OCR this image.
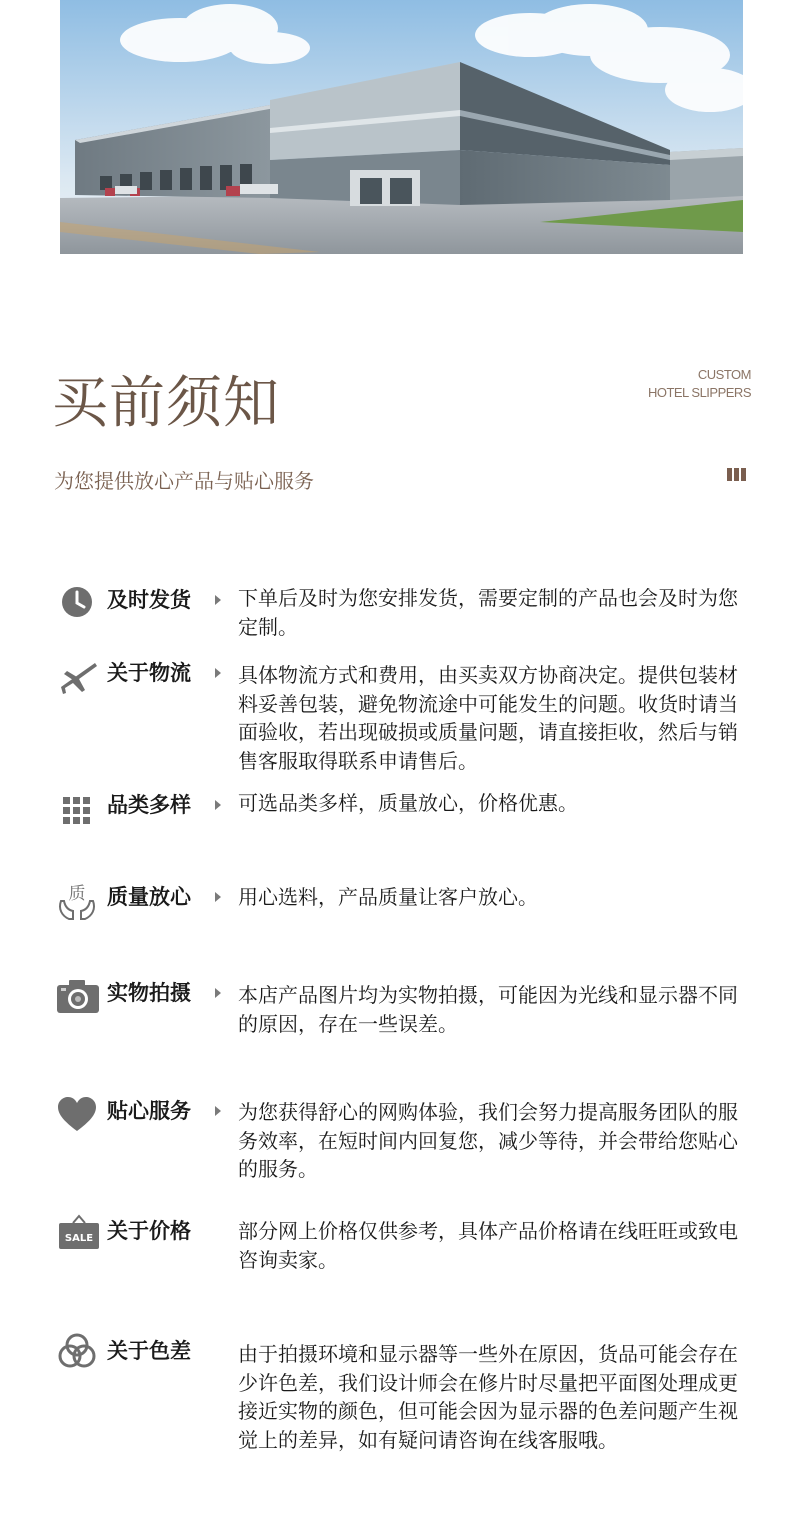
买前须知	CUSTOM
HOTEL SLIPPERS
为您提供放心产品与贴心服务
及时发货 下单后及时为您安排发货，需要定制的产品也会及时为您定制。
关于物流 具体物流方式和费用，由买卖双方协商决定。提供包装材料妥善包装，避免物流途中可能发生的问题。收货时请当面验收，若出现破损或质量问题，请直接拒收，然后与销售客服取得联系申请售后。
品类多样 可选品类多样，质量放心，价格优惠。
质 质量放心 用心选料，产品质量让客户放心。
实物拍摄 本店产品图片均为实物拍摄，可能因为光线和显示器不同的原因，存在一些误差。
贴心服务 为您获得舒心的网购体验，我们会努力提高服务团队的服务效率，在短时间内回复您，减少等待，并会带给您贴心的服务。
SALE 关于价格 部分网上价格仅供参考，具体产品价格请在线旺旺或致电咨询卖家。
关于色差 由于拍摄环境和显示器等一些外在原因，货品可能会存在少许色差，我们设计师会在修片时尽量把平面图处理成更接近实物的颜色，但可能会因为显示器的色差问题产生视觉上的差异，如有疑问请咨询在线客服哦。
